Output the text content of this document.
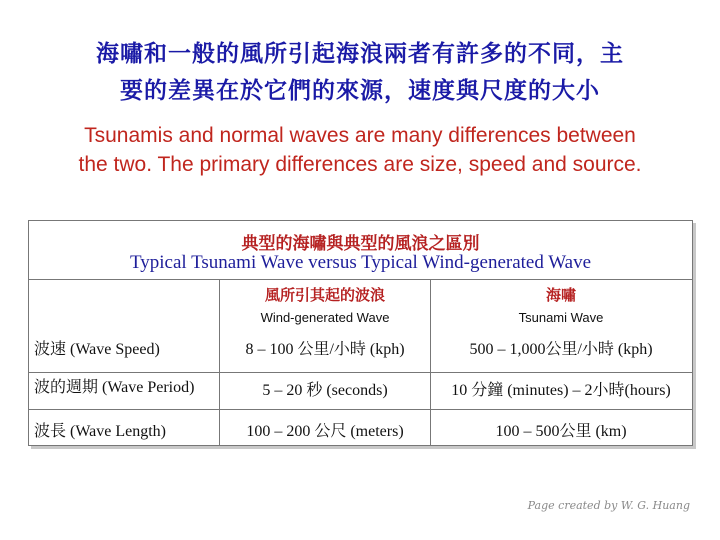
海嘯和一般的風所引起海浪兩者有許多的不同，主
要的差異在於它們的來源，速度與尺度的大小
Tsunamis and normal waves are many differences between
the two. The primary differences are size, speed and source.
典型的海嘯與典型的風浪之區別
Typical Tsunami Wave versus Typical Wind-generated Wave
風所引其起的波浪
Wind-generated Wave
海嘯
Tsunami Wave
波速 (Wave Speed)	8 – 100 公里/小時 (kph)	500 – 1,000公里/小時 (kph)
波的週期 (Wave Period)	5 – 20 秒 (seconds)	10 分鐘 (minutes) – 2小時(hours)
波長 (Wave Length)	100 – 200 公尺 (meters)	100 – 500公里 (km)
Page created by W. G. Huang
